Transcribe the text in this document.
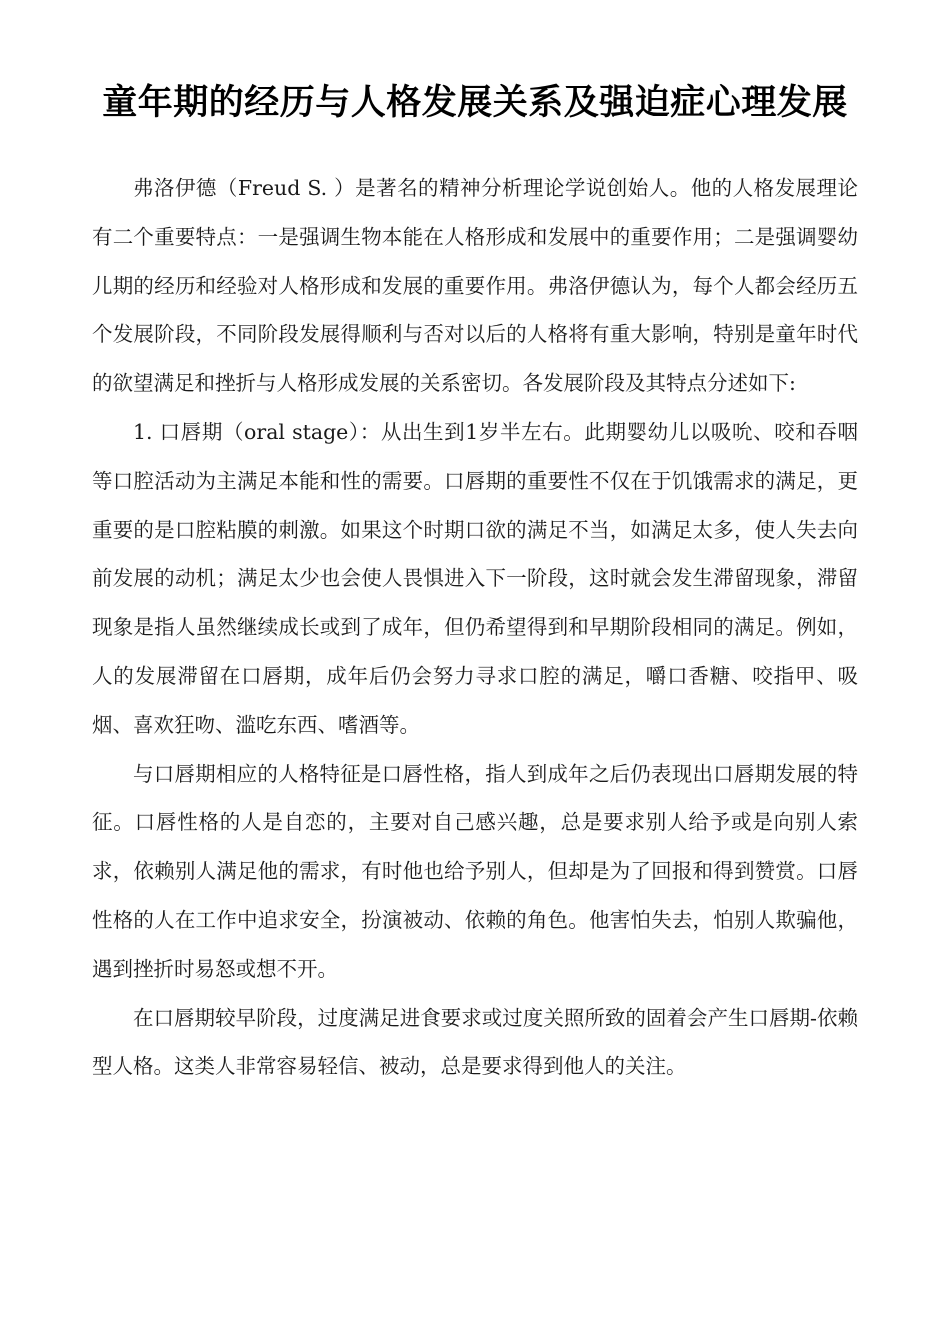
童年期的经历与人格发展关系及强迫症心理发展

弗洛伊德（Freud S. ）是著名的精神分析理论学说创始人。他的人格发展理论有二个重要特点：一是强调生物本能在人格形成和发展中的重要作用；二是强调婴幼儿期的经历和经验对人格形成和发展的重要作用。弗洛伊德认为，每个人都会经历五个发展阶段，不同阶段发展得顺利与否对以后的人格将有重大影响，特别是童年时代的欲望满足和挫折与人格形成发展的关系密切。各发展阶段及其特点分述如下:

1. 口唇期（oral stage）：从出生到1岁半左右。此期婴幼儿以吸吮、咬和吞咽等口腔活动为主满足本能和性的需要。口唇期的重要性不仅在于饥饿需求的满足，更重要的是口腔粘膜的刺激。如果这个时期口欲的满足不当，如满足太多，使人失去向前发展的动机；满足太少也会使人畏惧进入下一阶段，这时就会发生滞留现象，滞留现象是指人虽然继续成长或到了成年，但仍希望得到和早期阶段相同的满足。例如，人的发展滞留在口唇期，成年后仍会努力寻求口腔的满足，嚼口香糖、咬指甲、吸烟、喜欢狂吻、滥吃东西、嗜酒等。

与口唇期相应的人格特征是口唇性格，指人到成年之后仍表现出口唇期发展的特征。口唇性格的人是自恋的，主要对自己感兴趣，总是要求别人给予或是向别人索求，依赖别人满足他的需求，有时他也给予别人，但却是为了回报和得到赞赏。口唇性格的人在工作中追求安全，扮演被动、依赖的角色。他害怕失去，怕别人欺骗他，遇到挫折时易怒或想不开。

在口唇期较早阶段，过度满足进食要求或过度关照所致的固着会产生口唇期-依赖型人格。这类人非常容易轻信、被动，总是要求得到他人的关注。
